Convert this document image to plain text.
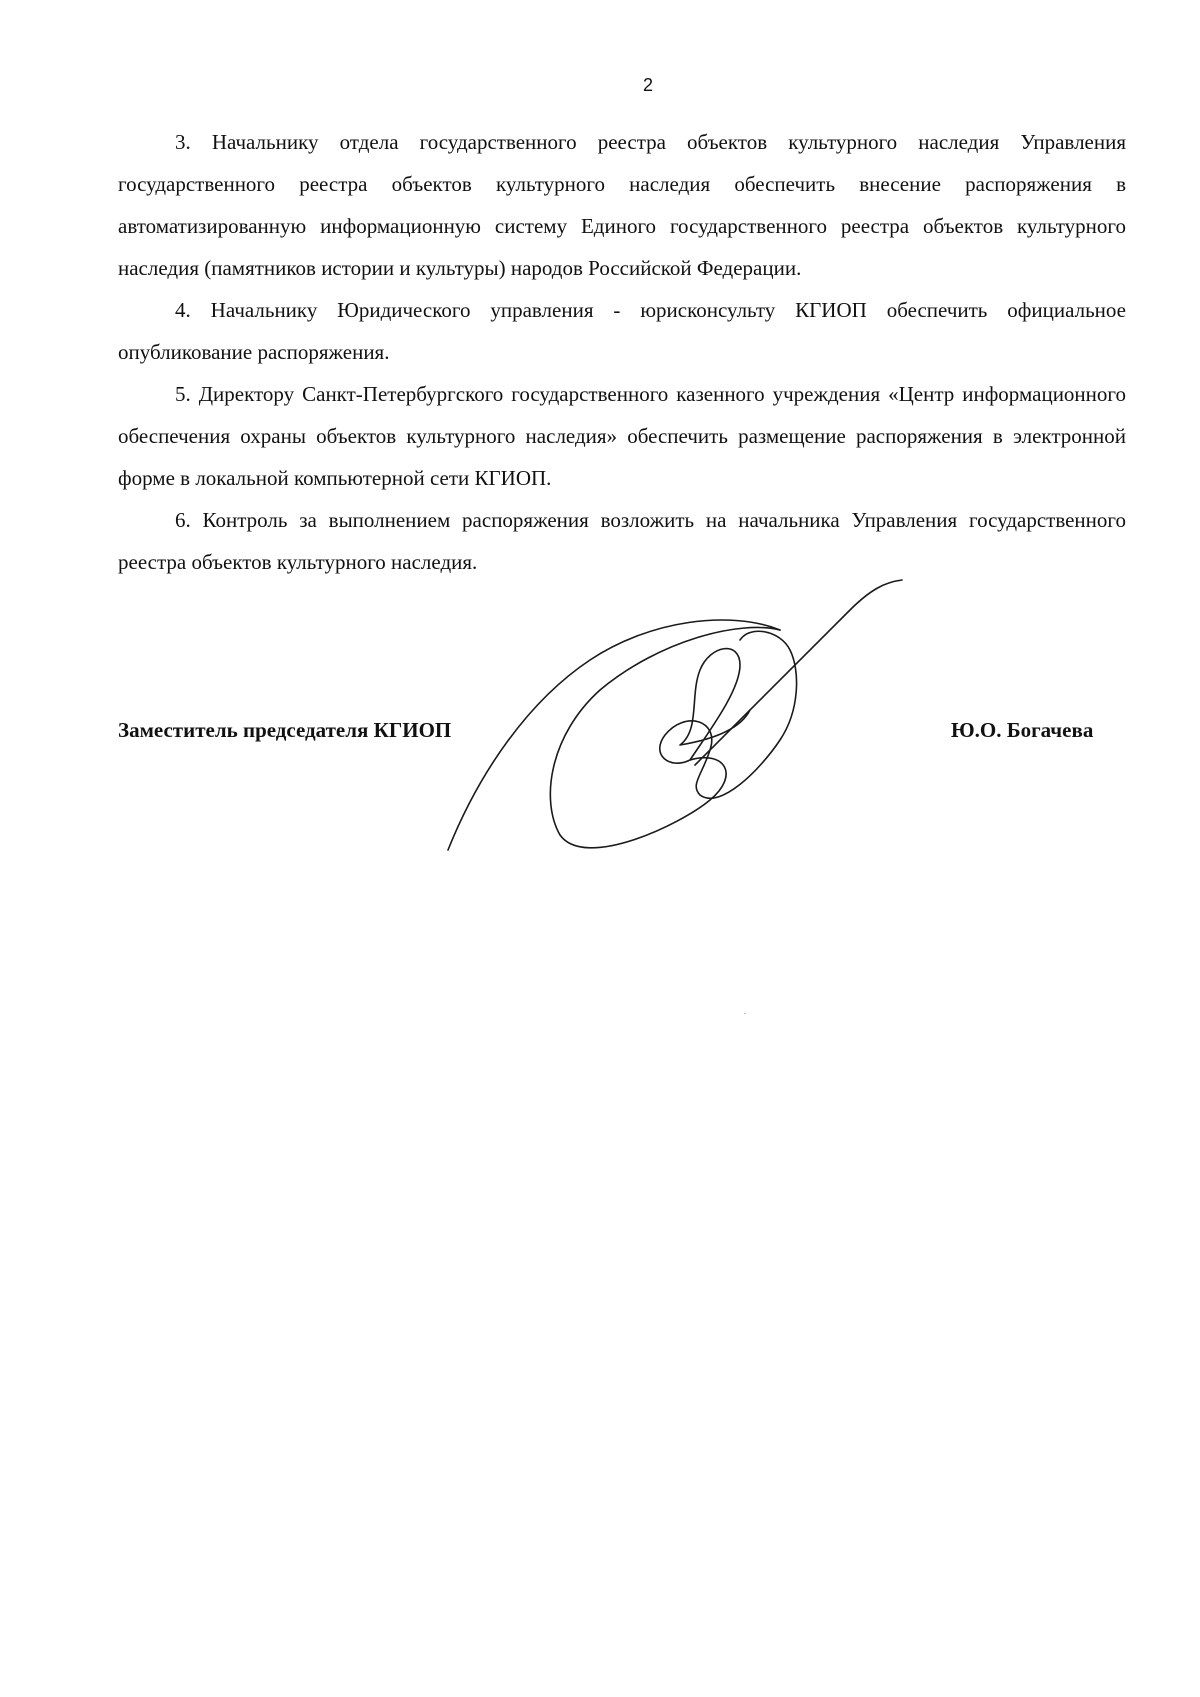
2

3. Начальнику отдела государственного реестра объектов культурного наследия Управления государственного реестра объектов культурного наследия обеспечить внесение распоряжения в автоматизированную информационную систему Единого государственного реестра объектов культурного наследия (памятников истории и культуры) народов Российской Федерации.

4. Начальнику Юридического управления - юрисконсульту КГИОП обеспечить официальное опубликование распоряжения.

5. Директору Санкт-Петербургского государственного казенного учреждения «Центр информационного обеспечения охраны объектов культурного наследия» обеспечить размещение распоряжения в электронной форме в локальной компьютерной сети КГИОП.

6. Контроль за выполнением распоряжения возложить на начальника Управления государственного реестра объектов культурного наследия.

Заместитель председателя КГИОП	Ю.О. Богачева
